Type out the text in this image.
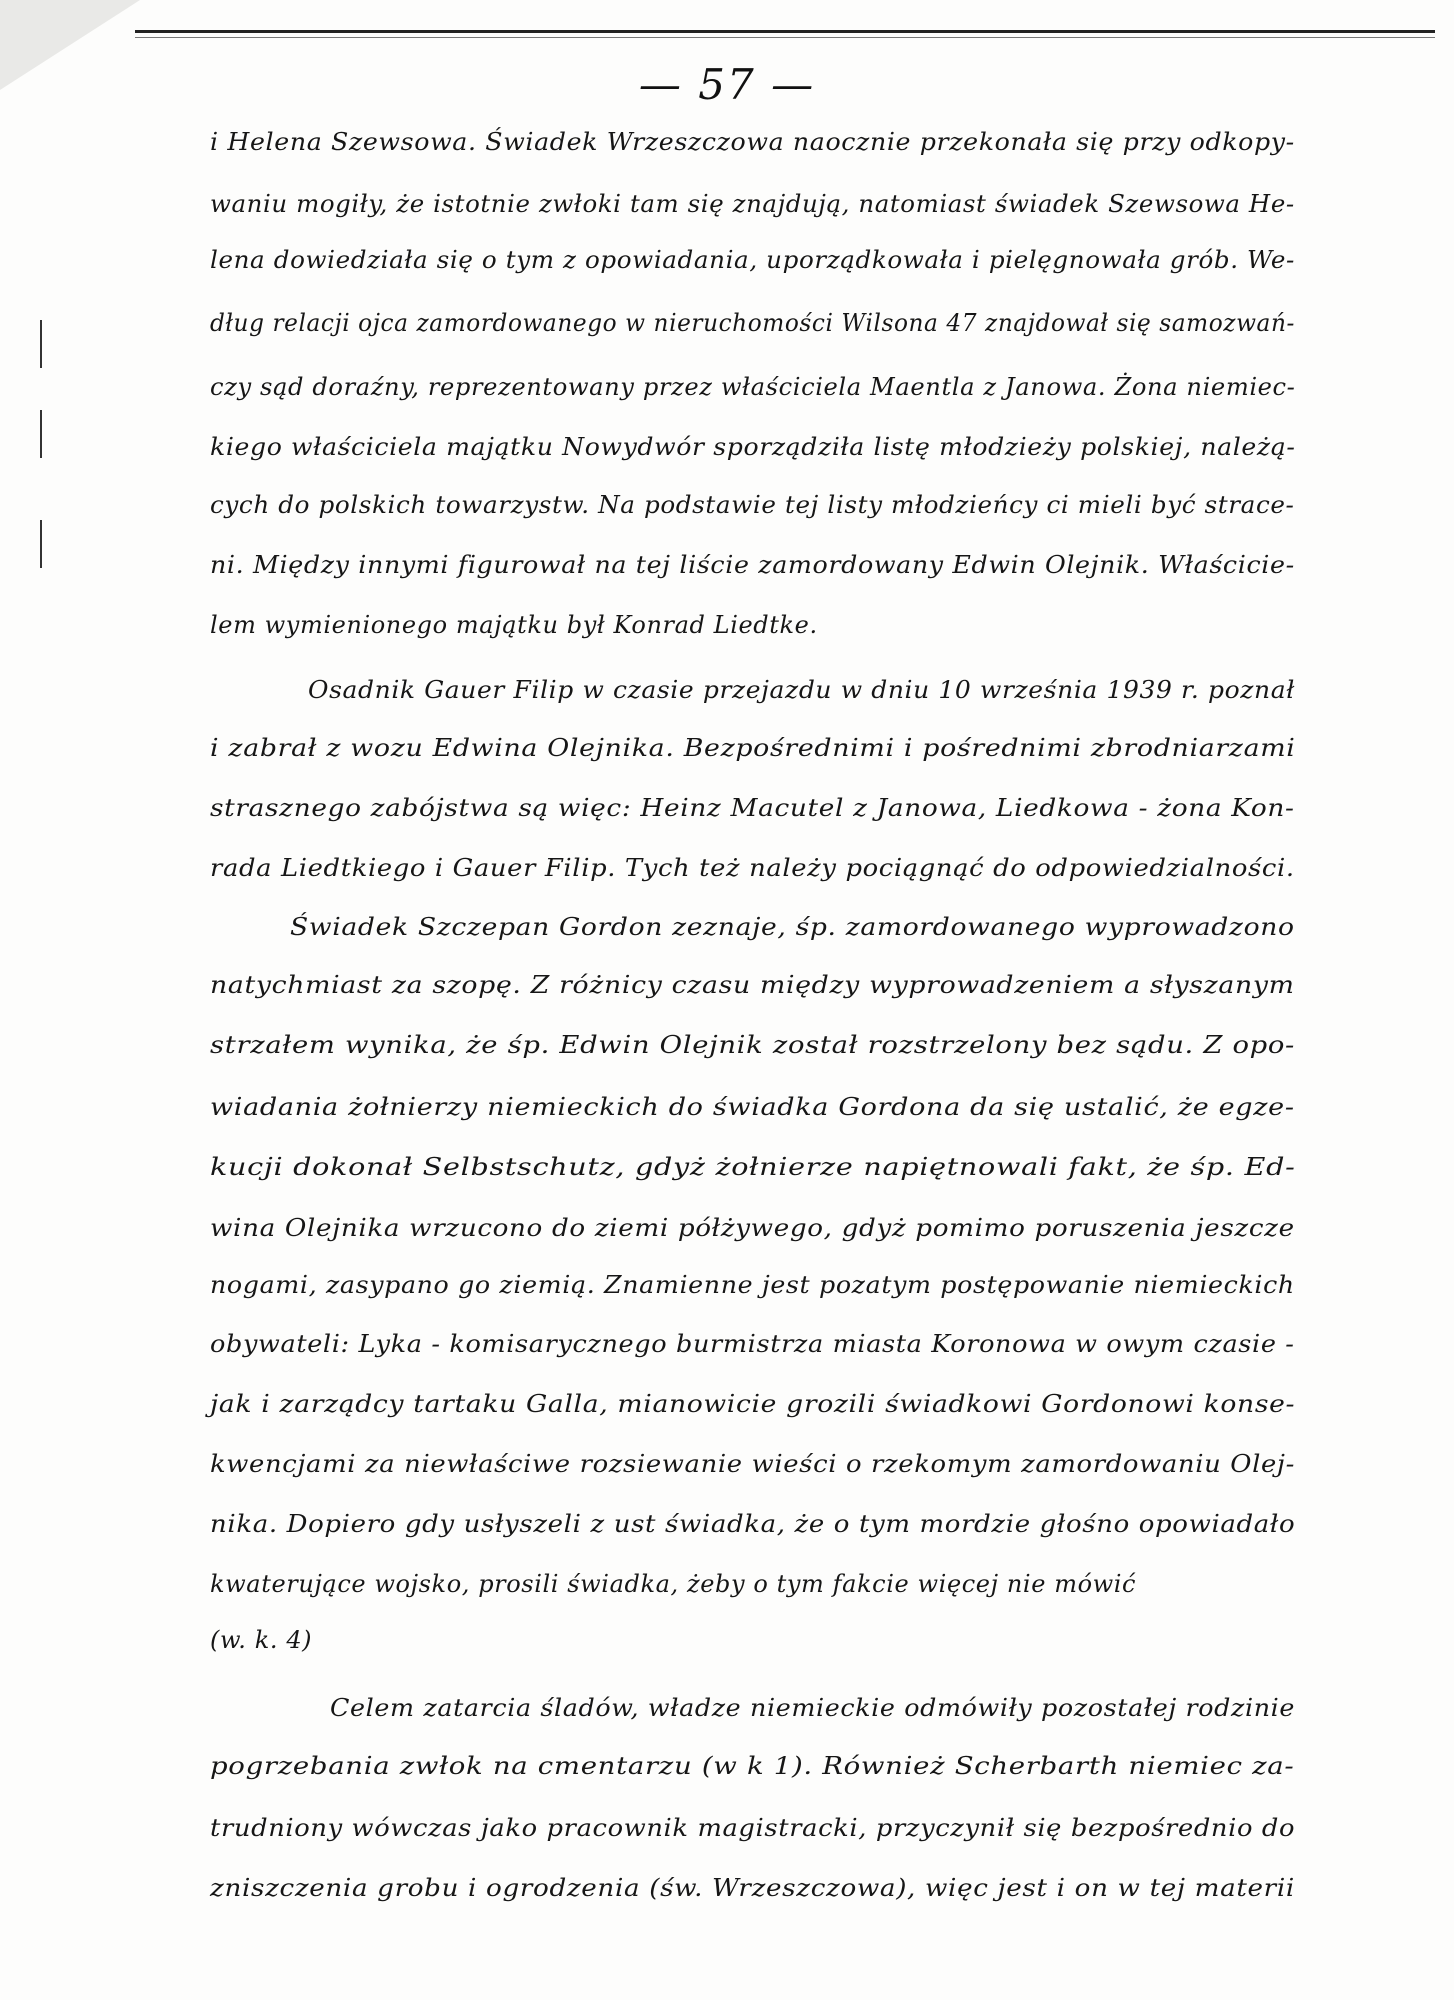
— 57 —
i Helena Szewsowa. Świadek Wrzeszczowa naocznie przekonała się przy odkopy-
waniu mogiły, że istotnie zwłoki tam się znajdują, natomiast świadek Szewsowa He-
lena dowiedziała się o tym z opowiadania, uporządkowała i pielęgnowała grób. We-
dług relacji ojca zamordowanego w nieruchomości Wilsona 47 znajdował się samozwań-
czy sąd doraźny, reprezentowany przez właściciela Maentla z Janowa. Żona niemiec-
kiego właściciela majątku Nowydwór sporządziła listę młodzieży polskiej, należą-
cych do polskich towarzystw. Na podstawie tej listy młodzieńcy ci mieli być strace-
ni. Między innymi figurował na tej liście zamordowany Edwin Olejnik. Właścicie-
lem wymienionego majątku był Konrad Liedtke.
Osadnik Gauer Filip w czasie przejazdu w dniu 10 września 1939 r. poznał
i zabrał z wozu Edwina Olejnika. Bezpośrednimi i pośrednimi zbrodniarzami
strasznego zabójstwa są więc: Heinz Macutel z Janowa, Liedkowa - żona Kon-
rada Liedtkiego i Gauer Filip. Tych też należy pociągnąć do odpowiedzialności.
Świadek Szczepan Gordon zeznaje, śp. zamordowanego wyprowadzono
natychmiast za szopę. Z różnicy czasu między wyprowadzeniem a słyszanym
strzałem wynika, że śp. Edwin Olejnik został rozstrzelony bez sądu. Z opo-
wiadania żołnierzy niemieckich do świadka Gordona da się ustalić, że egze-
kucji dokonał Selbstschutz, gdyż żołnierze napiętnowali fakt, że śp. Ed-
wina Olejnika wrzucono do ziemi półżywego, gdyż pomimo poruszenia jeszcze
nogami, zasypano go ziemią. Znamienne jest pozatym postępowanie niemieckich
obywateli: Lyka - komisarycznego burmistrza miasta Koronowa w owym czasie -
jak i zarządcy tartaku Galla, mianowicie grozili świadkowi Gordonowi konse-
kwencjami za niewłaściwe rozsiewanie wieści o rzekomym zamordowaniu Olej-
nika. Dopiero gdy usłyszeli z ust świadka, że o tym mordzie głośno opowiadało
kwaterujące wojsko, prosili świadka, żeby o tym fakcie więcej nie mówić
(w. k. 4)
Celem zatarcia śladów, władze niemieckie odmówiły pozostałej rodzinie
pogrzebania zwłok na cmentarzu (w k 1). Również Scherbarth niemiec za-
trudniony wówczas jako pracownik magistracki, przyczynił się bezpośrednio do
zniszczenia grobu i ogrodzenia (św. Wrzeszczowa), więc jest i on w tej materii
